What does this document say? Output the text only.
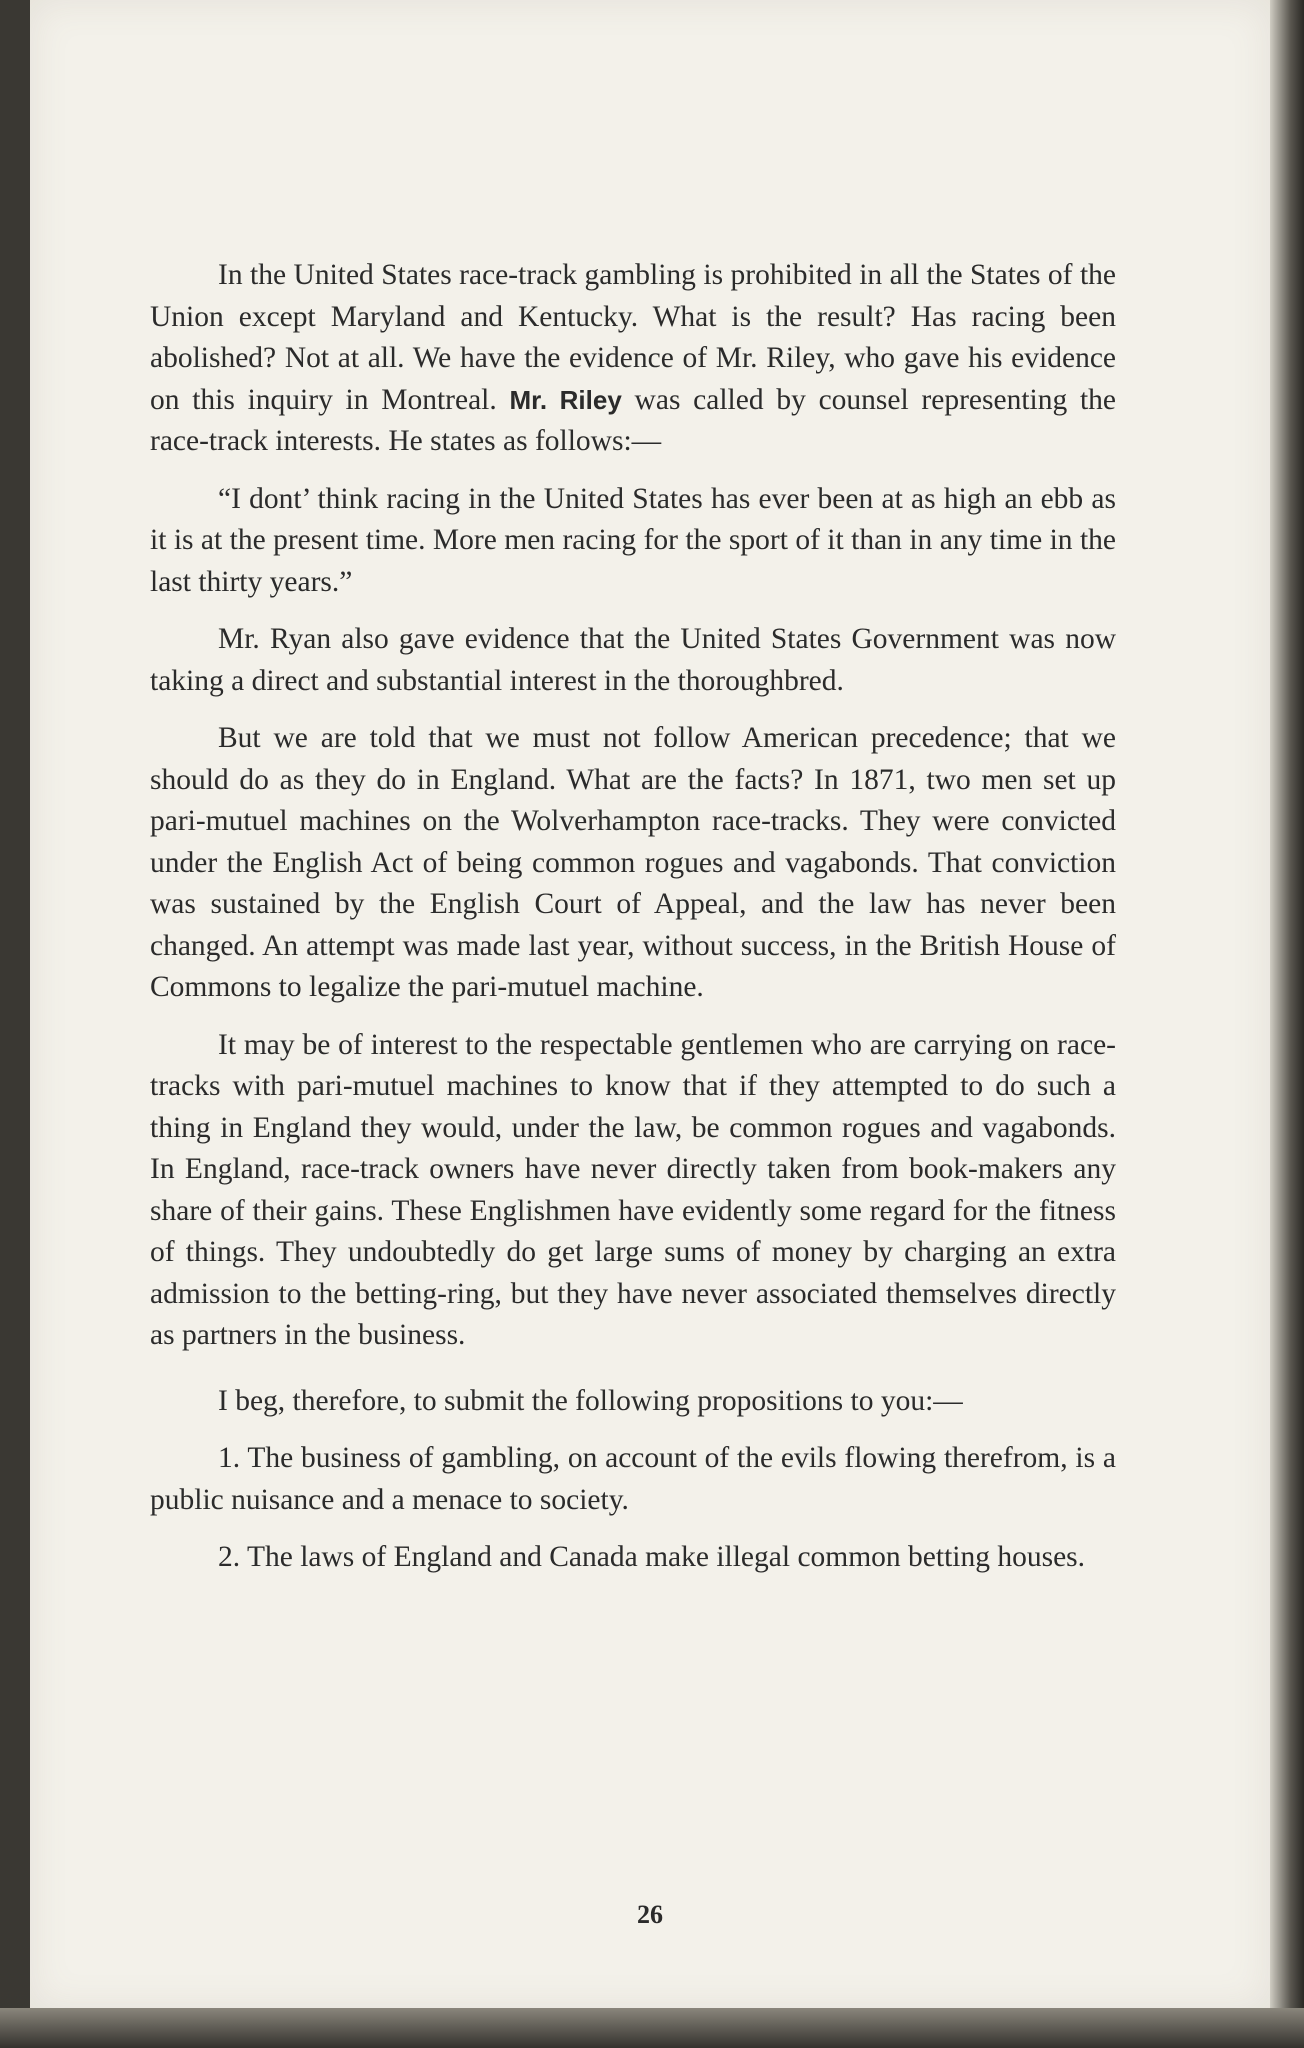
In the United States race-track gambling is prohibited in all the States of the Union except Maryland and Kentucky. What is the result? Has racing been abolished? Not at all. We have the evidence of Mr. Riley, who gave his evidence on this inquiry in Montreal. Mr. Riley was called by counsel representing the race-track interests. He states as follows:—

“I dont’ think racing in the United States has ever been at as high an ebb as it is at the present time. More men racing for the sport of it than in any time in the last thirty years.”

Mr. Ryan also gave evidence that the United States Government was now taking a direct and substantial interest in the thoroughbred.

But we are told that we must not follow American precedence; that we should do as they do in England. What are the facts? In 1871, two men set up pari-mutuel machines on the Wolverhampton race-tracks. They were convicted under the English Act of being common rogues and vagabonds. That conviction was sustained by the English Court of Appeal, and the law has never been changed. An attempt was made last year, without success, in the British House of Commons to legalize the pari-mutuel machine.

It may be of interest to the respectable gentlemen who are carrying on race-tracks with pari-mutuel machines to know that if they attempted to do such a thing in England they would, under the law, be common rogues and vagabonds. In England, race-track owners have never directly taken from book-makers any share of their gains. These Englishmen have evidently some regard for the fitness of things. They undoubtedly do get large sums of money by charging an extra admission to the betting-ring, but they have never associated themselves directly as partners in the business.

I beg, therefore, to submit the following propositions to you:—

1. The business of gambling, on account of the evils flowing therefrom, is a public nuisance and a menace to society.

2. The laws of England and Canada make illegal common betting houses.

26
